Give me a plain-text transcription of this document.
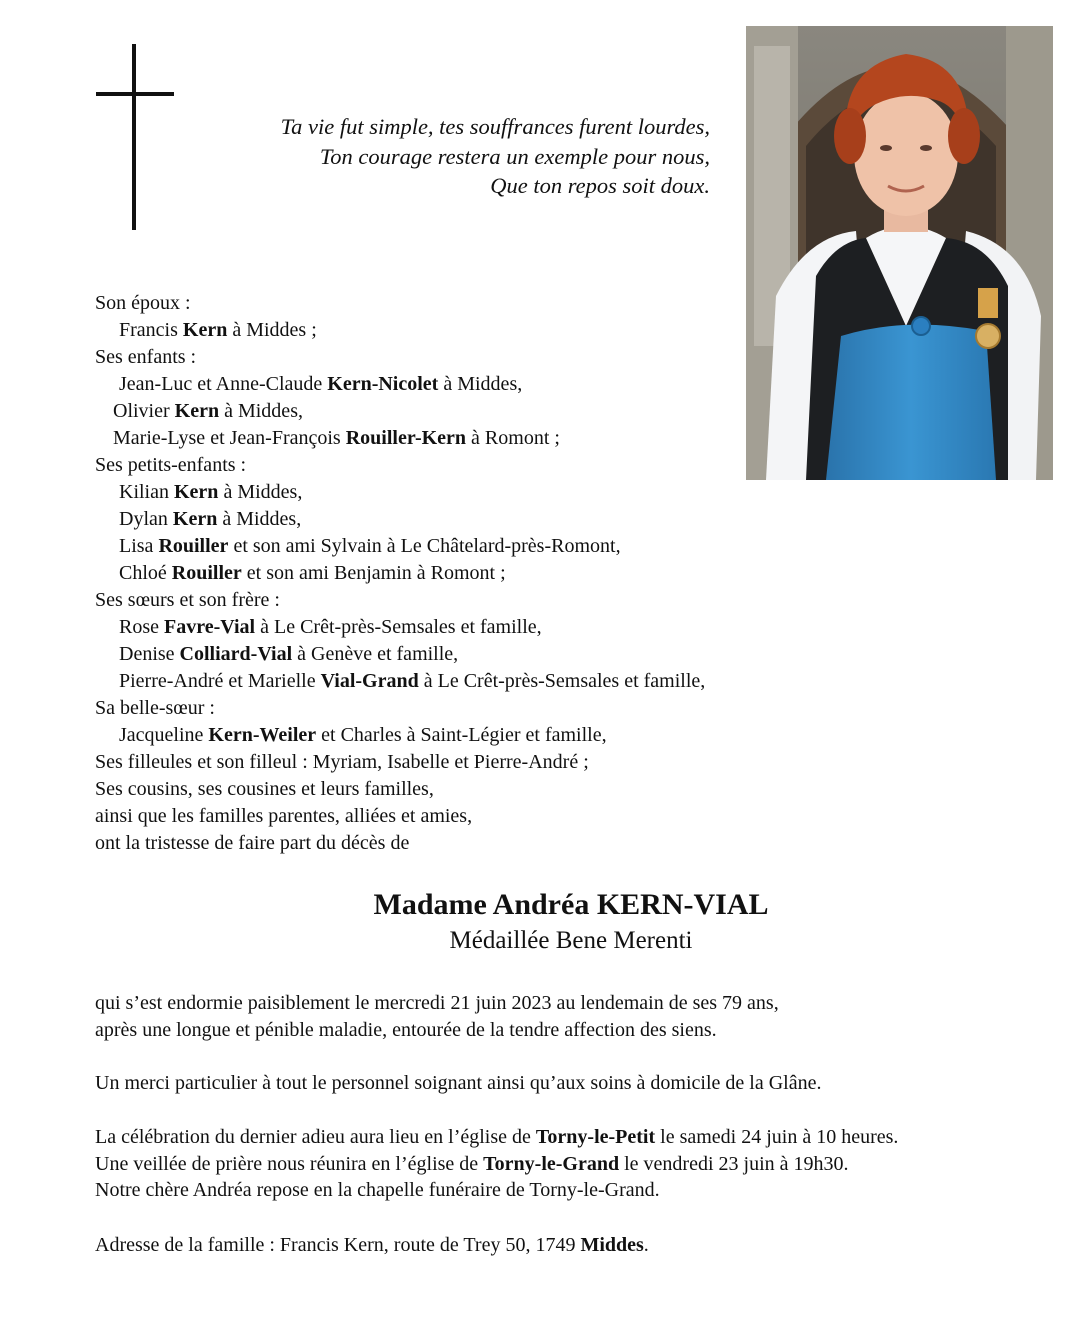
Ta vie fut simple, tes souffrances furent lourdes,
Ton courage restera un exemple pour nous,
Que ton repos soit doux.
Son époux :
Francis Kern à Middes ;
Ses enfants :
Jean-Luc et Anne-Claude Kern-Nicolet à Middes,
Olivier Kern à Middes,
Marie-Lyse et Jean-François Rouiller-Kern à Romont ;
Ses petits-enfants :
Kilian Kern à Middes,
Dylan Kern à Middes,
Lisa Rouiller et son ami Sylvain à Le Châtelard-près-Romont,
Chloé Rouiller et son ami Benjamin à Romont ;
Ses sœurs et son frère :
Rose Favre-Vial à Le Crêt-près-Semsales et famille,
Denise Colliard-Vial à Genève et famille,
Pierre-André et Marielle Vial-Grand à Le Crêt-près-Semsales et famille,
Sa belle-sœur :
Jacqueline Kern-Weiler et Charles à Saint-Légier et famille,
Ses filleules et son filleul : Myriam, Isabelle et Pierre-André ;
Ses cousins, ses cousines et leurs familles,
ainsi que les familles parentes, alliées et amies,
ont la tristesse de faire part du décès de
Madame Andréa KERN-VIAL
Médaillée Bene Merenti
qui s’est endormie paisiblement le mercredi 21 juin 2023 au lendemain de ses 79 ans,
après une longue et pénible maladie, entourée de la tendre affection des siens.
Un merci particulier à tout le personnel soignant ainsi qu’aux soins à domicile de la Glâne.
La célébration du dernier adieu aura lieu en l’église de Torny-le-Petit le samedi 24 juin à 10 heures.
Une veillée de prière nous réunira en l’église de Torny-le-Grand le vendredi 23 juin à 19h30.
Notre chère Andréa repose en la chapelle funéraire de Torny-le-Grand.
Adresse de la famille : Francis Kern, route de Trey 50, 1749 Middes.
